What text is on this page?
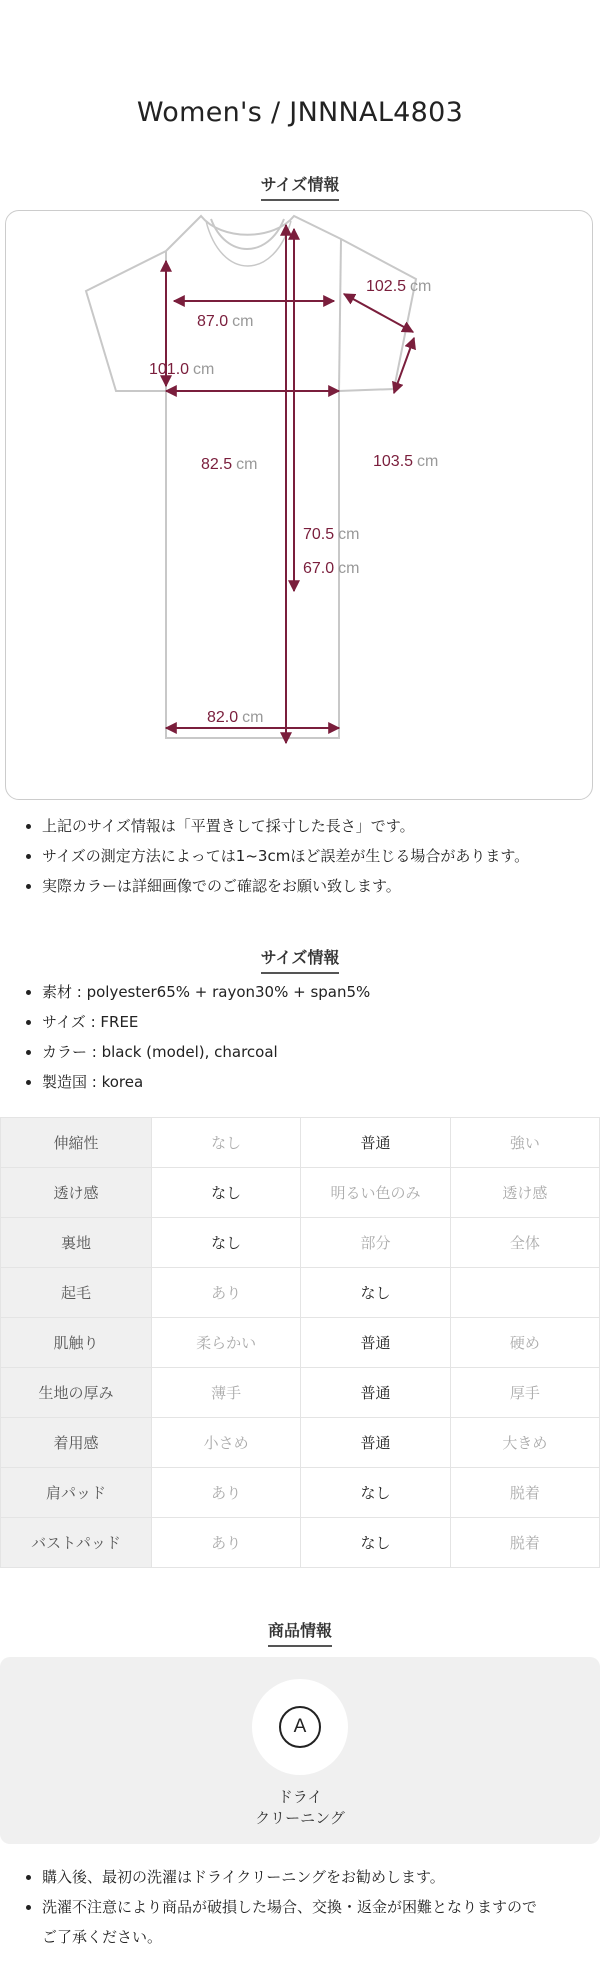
Women's / JNNNAL4803
サイズ情報
87.0 cm
102.5 cm
101.0 cm
82.5 cm	103.5 cm
70.5 cm
67.0 cm
82.0 cm
• 上記のサイズ情報は「平置きして採寸した長さ」です。
• サイズの測定方法によっては1~3cmほど誤差が生じる場合があります。
• 実際カラーは詳細画像でのご確認をお願い致します。
サイズ情報
• 素材 : polyester65% + rayon30% + span5%
• サイズ : FREE
• カラー : black (model), charcoal
• 製造国 : korea
伸縮性	なし	普通	強い
透け感	なし	明るい色のみ	透け感
裏地	なし	部分	全体
起毛	あり	なし	
肌触り	柔らかい	普通	硬め
生地の厚み	薄手	普通	厚手
着用感	小さめ	普通	大きめ
肩パッド	あり	なし	脱着
バストパッド	あり	なし	脱着
商品情報
A
ドライ
クリーニング
• 購入後、最初の洗濯はドライクリーニングをお勧めします。
• 洗濯不注意により商品が破損した場合、交換・返金が困難となりますので
ご了承ください。
